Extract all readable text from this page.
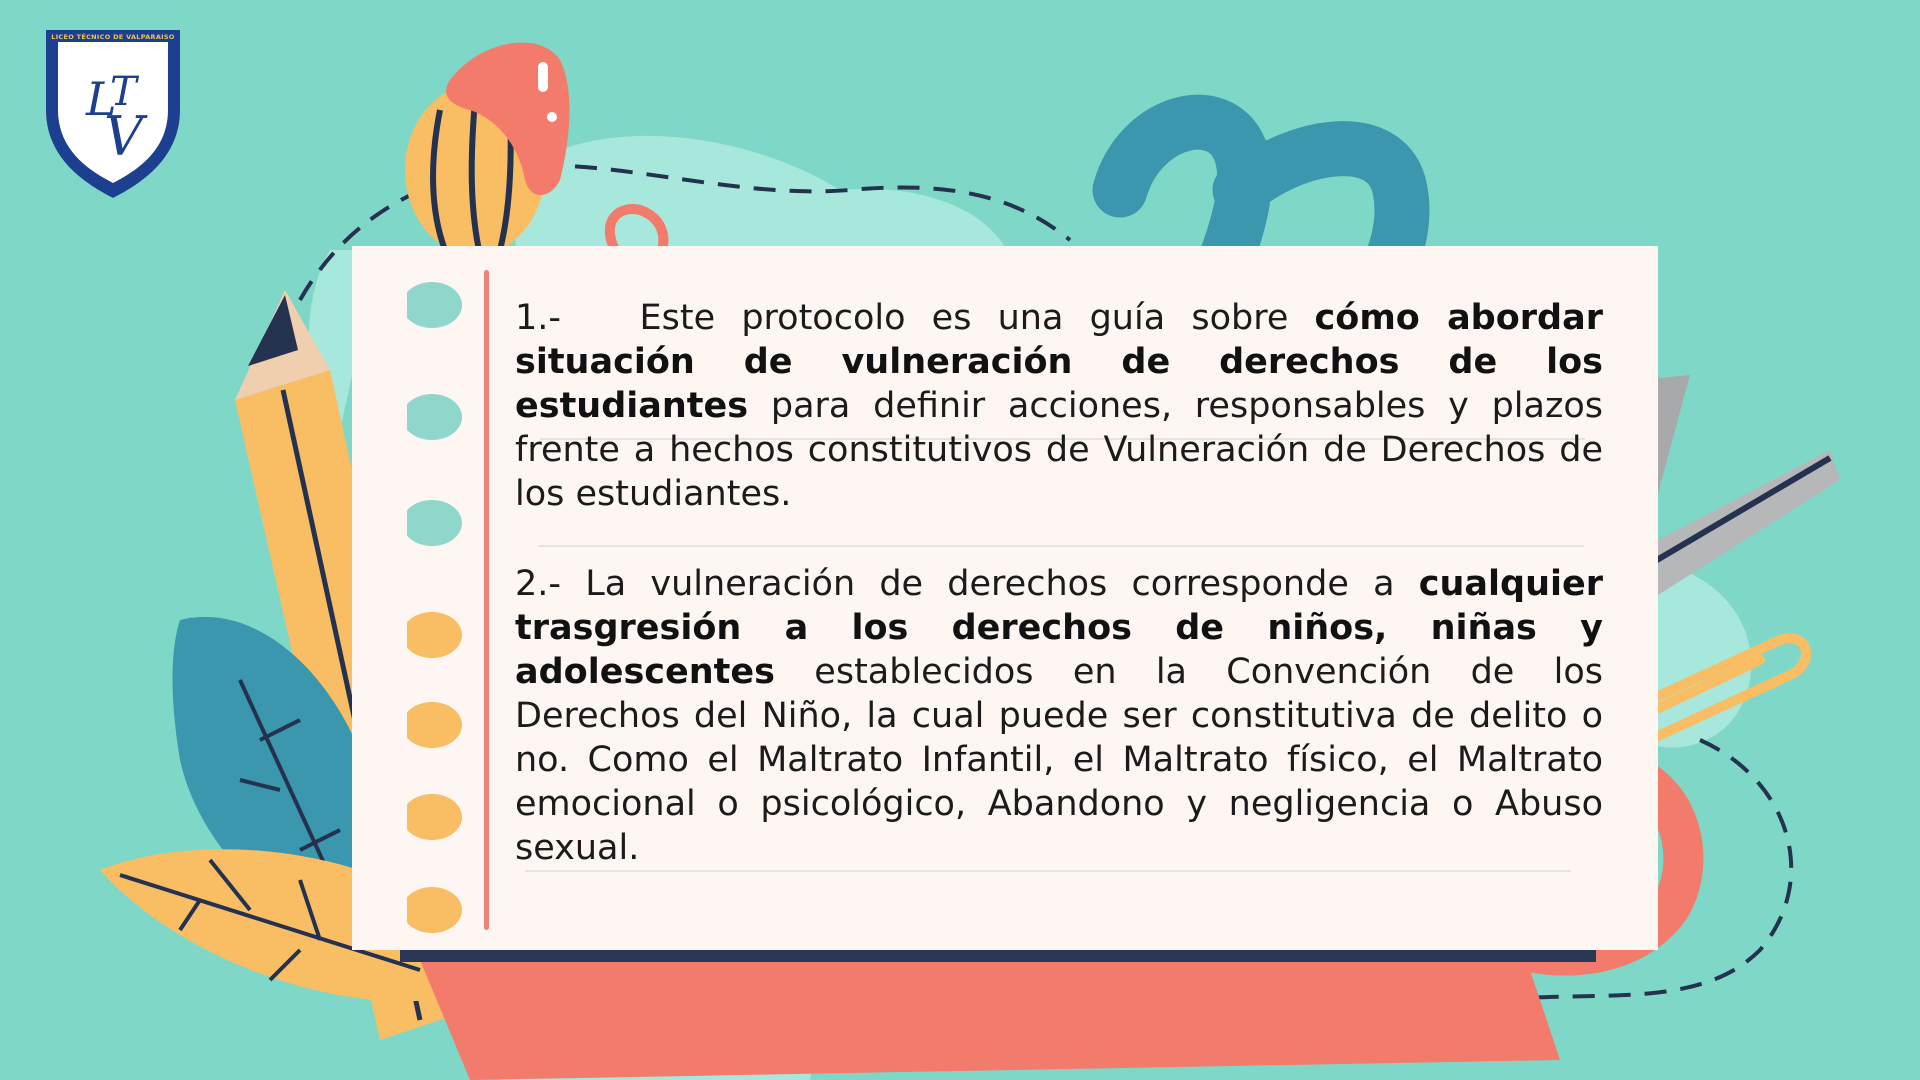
LICEO TÉCNICO DE VALPARAISO
L
T
V
1.- Este protocolo es una guía sobre cómo abordar situación de vulneración de derechos de los estudiantes para definir acciones, responsables y plazos frente a hechos constitutivos de Vulneración de Derechos de los estudiantes.
2.- La vulneración de derechos corresponde a cualquier trasgresión a los derechos de niños, niñas y adolescentes establecidos en la Convención de los Derechos del Niño, la cual puede ser constitutiva de delito o no. Como el Maltrato Infantil, el Maltrato físico, el Maltrato emocional o psicológico, Abandono y negligencia o Abuso sexual.
